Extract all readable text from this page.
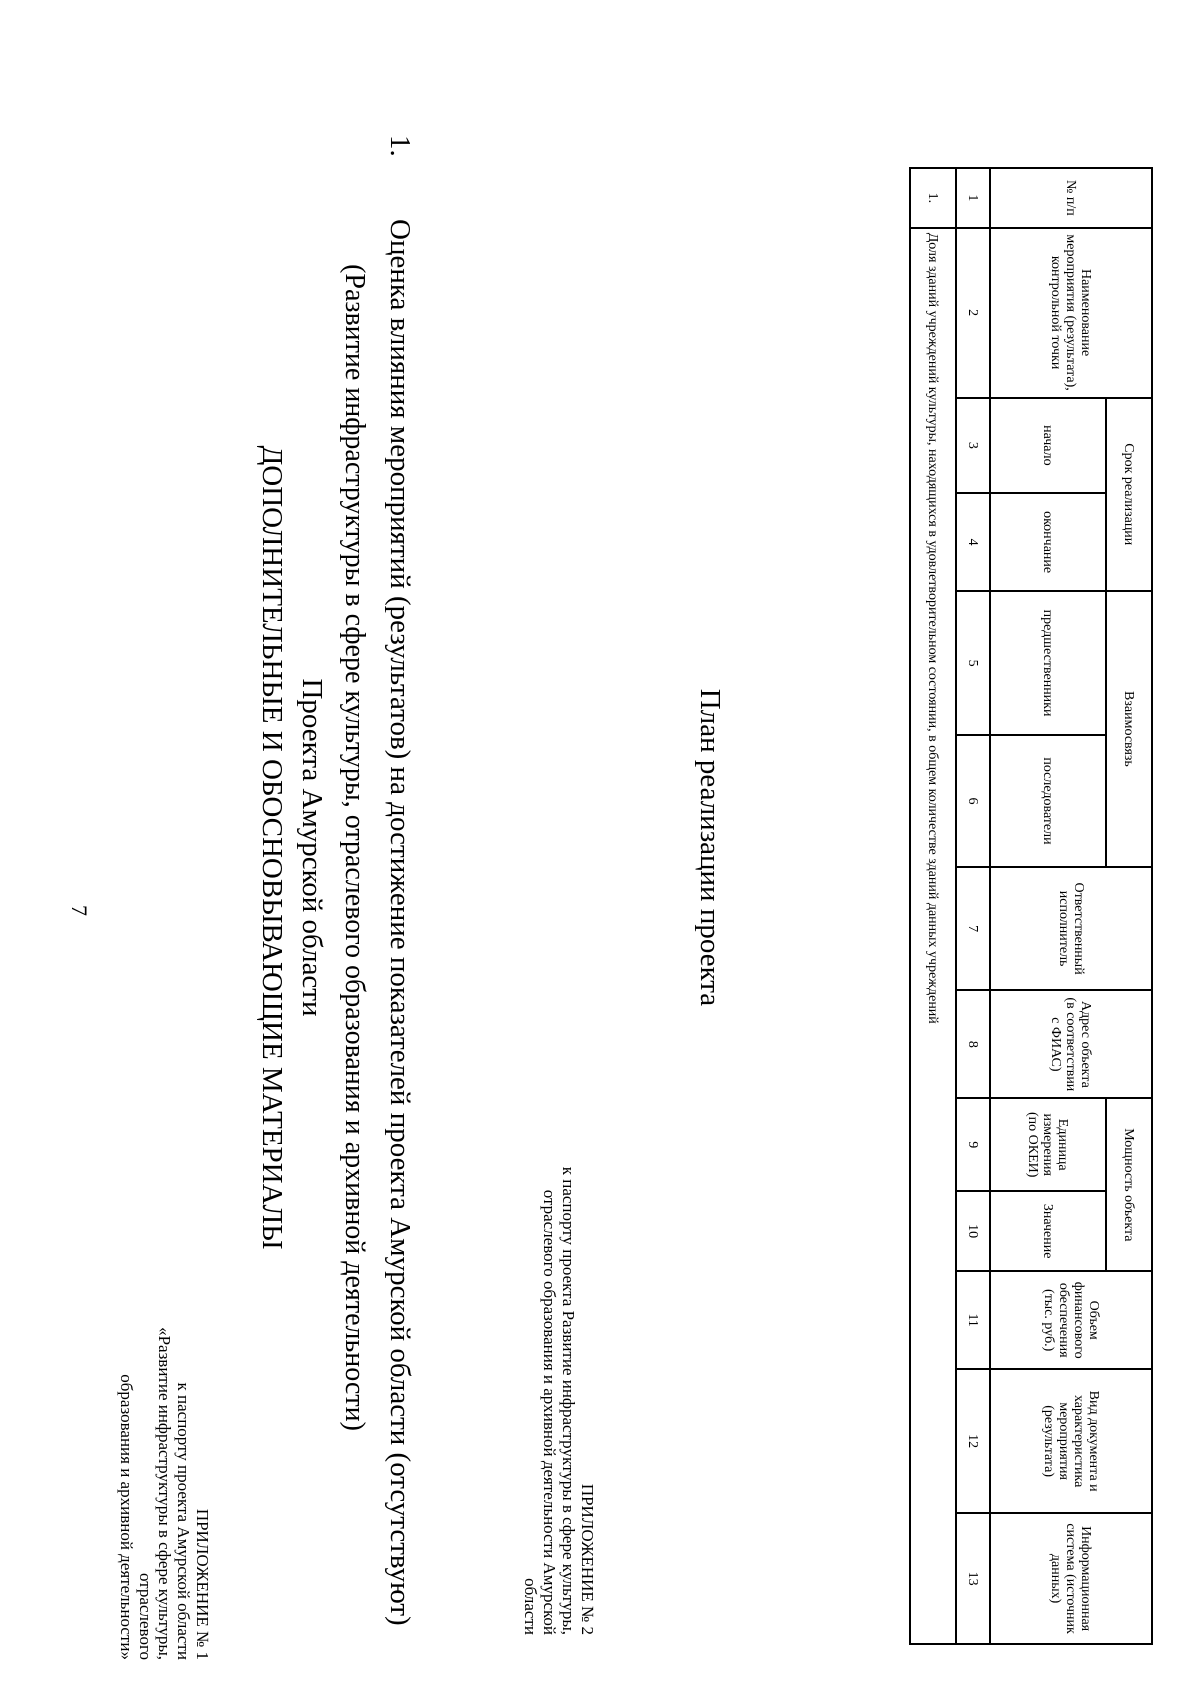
7
ПРИЛОЖЕНИЕ № 1
к паспорту проекта Амурской области
«Развитие инфраструктуры в сфере культуры, отраслевого
образования и архивной деятельности»
ДОПОЛНИТЕЛЬНЫЕ И ОБОСНОВЫВАЮЩИЕ МАТЕРИАЛЫ Проекта Амурской области (Развитие инфраструктуры в сфере культуры, отраслевого образования и архивной деятельности)
1.Оценка влияния мероприятий (результатов) на достижение показателей проекта Амурской области (отсутствуют)	ПРИЛОЖЕНИЕ № 2
к паспорту проекта Развитие инфраструктуры в сфере культуры,
отраслевого образования и архивной деятельности Амурской
области
План реализации проекта
№ п/п	Наименование мероприятия (результата), контрольной точки	Срок реализации		Взаимосвязь		Ответственный исполнитель	Адрес объекта (в соответствии с ФИАС)	Мощность объекта		Объем финансового обеспечения (тыс. руб.)	Вид документа и характеристика мероприятия (результата)	Информационная система (источник данных)
		начало	окончание	предшественники	последователи			Единица измерения (по ОКЕИ)	Значение			
1	2	3	4	5	6	7	8	9	10	11	12	13
1.	Доля зданий учреждений культуры, находящихся в удовлетворительном состоянии, в общем количестве зданий данных учреждений											
